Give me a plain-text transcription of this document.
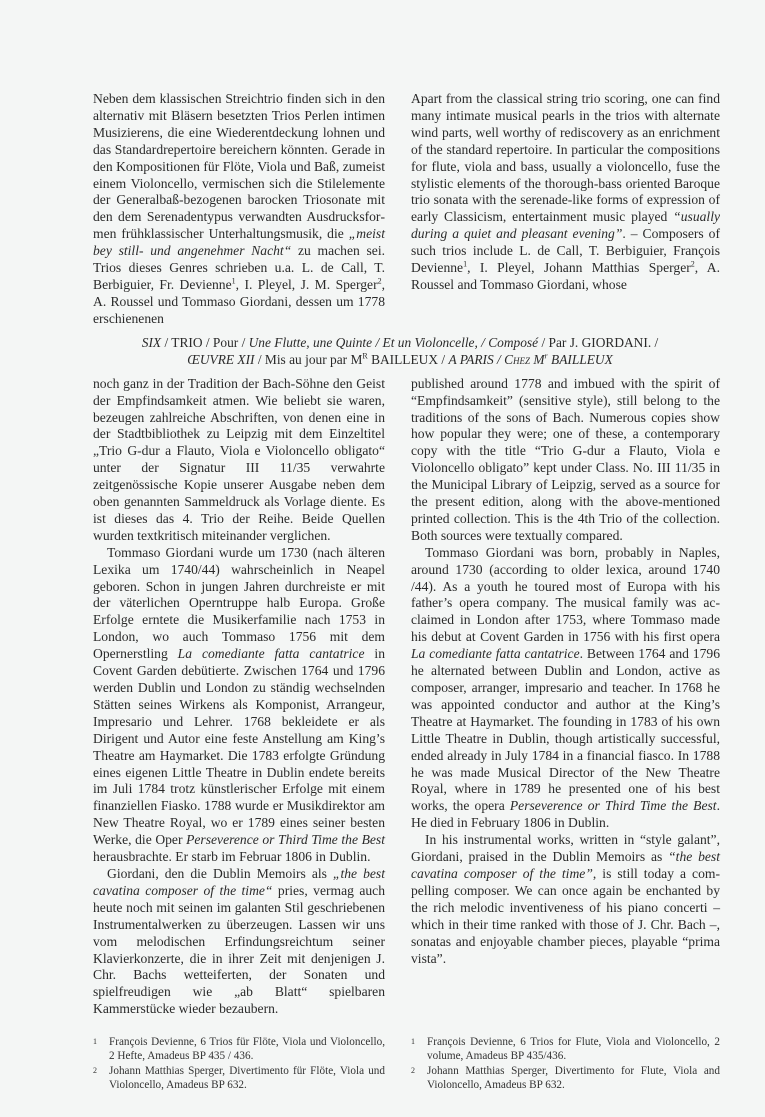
Neben dem klassischen Streichtrio finden sich in den alternativ mit Bläsern besetzten Trios Perlen intimen Musizierens, die eine Wiederentdeckung lohnen und das Standardrepertoire bereichern könnten. Gerade in den Kompositionen für Flöte, Viola und Baß, zumeist einem Violoncello, vermischen sich die Stilelemente der Generalbaß-bezogenen barocken Triosonate mit den dem Serenadentypus verwandten Ausdrucksformen frühklassischer Unterhaltungsmusik, die „meist bey still- und angenehmer Nacht“ zu machen sei. Trios dieses Genres schrieben u.a. L. de Call, T. Berbiguier, Fr. Devienne$^1$, I. Pleyel, J. M. Sperger$^2$, A. Roussel und Tommaso Giordani, dessen um 1778 erschienenen

Apart from the classical string trio scoring, one can find many intimate musical pearls in the trios with alternate wind parts, well worthy of rediscovery as an enrichment of the standard repertoire. In particular the compositions for flute, viola and bass, usually a violoncello, fuse the stylistic elements of the thorough-bass oriented Baroque trio sonata with the serenade-like forms of expression of early Classicism, entertainment music played “usually during a quiet and pleasant evening”. – Composers of such trios include L. de Call, T. Berbiguier, François Devienne$^1$, I. Pleyel, Johann Matthias Sperger$^2$, A. Roussel and Tommaso Giordani, whose

SIX / TRIO / Pour / Une Flutte, une Quinte / Et un Violoncelle, / Composé / Par J. GIORDANI. /
ŒUVRE XII / Mis au jour par $M^R$ BAILLEUX / A PARIS / Chez $M^r$ BAILLEUX

noch ganz in der Tradition der Bach-Söhne den Geist der Empfindsamkeit atmen. Wie beliebt sie waren, bezeugen zahlreiche Abschriften, von denen eine in der Stadtbibliothek zu Leipzig mit dem Einzeltitel „Trio G-dur a Flauto, Viola e Violoncello obligato“ unter der Signatur III 11/35 verwahrte zeitgenössische Kopie unserer Ausgabe neben dem oben genannten Sammeldruck als Vorlage diente. Es ist dieses das 4. Trio der Reihe. Beide Quellen wurden textkritisch miteinander verglichen.

Tommaso Giordani wurde um 1730 (nach älteren Lexika um 1740/44) wahrscheinlich in Neapel geboren. Schon in jungen Jahren durchreiste er mit der väterlichen Operntruppe halb Europa. Große Erfolge erntete die Musikerfamilie nach 1753 in London, wo auch Tommaso 1756 mit dem Opernerstling La comediante fatta cantatrice in Covent Garden debütierte. Zwischen 1764 und 1796 werden Dublin und London zu ständig wechselnden Stätten seines Wirkens als Komponist, Arrangeur, Impresario und Lehrer. 1768 bekleidete er als Dirigent und Autor eine feste Anstellung am King’s Theatre am Haymarket. Die 1783 erfolgte Gründung eines eigenen Little Theatre in Dublin endete bereits im Juli 1784 trotz künstlerischer Erfolge mit einem finanziellen Fiasko. 1788 wurde er Musikdirektor am New Theatre Royal, wo er 1789 eines seiner besten Werke, die Oper Perseverence or Third Time the Best herausbrachte. Er starb im Februar 1806 in Dublin.

Giordani, den die Dublin Memoirs als „the best cavatina composer of the time“ pries, vermag auch heute noch mit seinen im galanten Stil geschriebenen Instrumentalwerken zu überzeugen. Lassen wir uns vom melodischen Erfindungsreichtum seiner Klavierkonzerte, die in ihrer Zeit mit denjenigen J. Chr. Bachs wetteiferten, der Sonaten und spielfreudigen wie „ab Blatt“ spielbaren Kammerstücke wieder bezaubern.

published around 1778 and imbued with the spirit of “Empfindsamkeit” (sensitive style), still belong to the traditions of the sons of Bach. Numerous copies show how popular they were; one of these, a contemporary copy with the title “Trio G-dur a Flauto, Viola e Violoncello obligato” kept under Class. No. III 11/35 in the Municipal Library of Leipzig, served as a source for the present edition, along with the above-mentioned printed collection. This is the 4th Trio of the collection. Both sources were textually compared.

Tommaso Giordani was born, probably in Naples, around 1730 (according to older lexica, around 1740 /44). As a youth he toured most of Europa with his father’s opera company. The musical family was acclaimed in London after 1753, where Tommaso made his debut at Covent Garden in 1756 with his first opera La comediante fatta cantatrice. Between 1764 and 1796 he alternated between Dublin and London, active as composer, arranger, impresario and teacher. In 1768 he was appointed conductor and author at the King’s Theatre at Haymarket. The founding in 1783 of his own Little Theatre in Dublin, though artistically successful, ended already in July 1784 in a financial fiasco. In 1788 he was made Musical Director of the New Theatre Royal, where in 1789 he presented one of his best works, the opera Perseverence or Third Time the Best. He died in February 1806 in Dublin.

In his instrumental works, written in “style galant”, Giordani, praised in the Dublin Memoirs as “the best cavatina composer of the time”, is still today a compelling composer. We can once again be enchanted by the rich melodic inventiveness of his piano concerti – which in their time ranked with those of J. Chr. Bach –, sonatas and enjoyable chamber pieces, playable “prima vista”.

1	François Devienne, 6 Trios für Flöte, Viola und Violoncello, 2 Hefte, Amadeus BP 435 / 436.
2	Johann Matthias Sperger, Divertimento für Flöte, Viola und Violoncello, Amadeus BP 632.
1	François Devienne, 6 Trios for Flute, Viola and Violoncello, 2 volume, Amadeus BP 435/436.
2	Johann Matthias Sperger, Divertimento for Flute, Viola and Violoncello, Amadeus BP 632.
